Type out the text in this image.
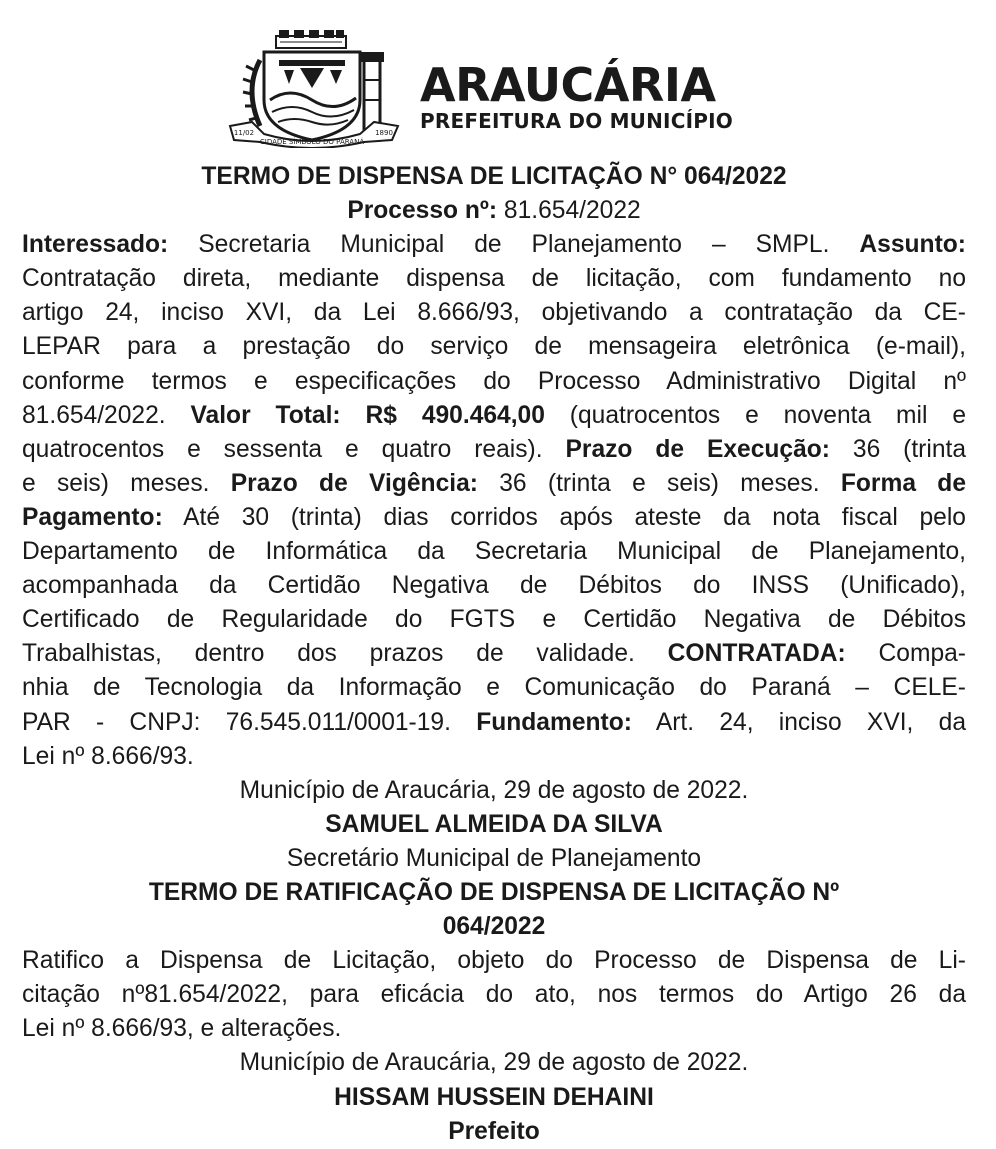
CIDADE SÍMBOLO DO PARANÁ
11/02	1890
ARAUCÁRIA
PREFEITURA DO MUNICÍPIO

TERMO DE DISPENSA DE LICITAÇÃO N° 064/2022

Processo nº: 81.654/2022

Interessado: Secretaria Municipal de Planejamento – SMPL. Assunto:
Contratação direta, mediante dispensa de licitação, com fundamento no
artigo 24, inciso XVI, da Lei 8.666/93, objetivando a contratação da CE-
LEPAR para a prestação do serviço de mensageira eletrônica (e-mail),
conforme termos e especificações do Processo Administrativo Digital nº
81.654/2022. Valor Total: R$ 490.464,00 (quatrocentos e noventa mil e
quatrocentos e sessenta e quatro reais). Prazo de Execução: 36 (trinta
e seis) meses. Prazo de Vigência: 36 (trinta e seis) meses. Forma de
Pagamento: Até 30 (trinta) dias corridos após ateste da nota fiscal pelo
Departamento de Informática da Secretaria Municipal de Planejamento,
acompanhada da Certidão Negativa de Débitos do INSS (Unificado),
Certificado de Regularidade do FGTS e Certidão Negativa de Débitos
Trabalhistas, dentro dos prazos de validade. CONTRATADA: Compa-
nhia de Tecnologia da Informação e Comunicação do Paraná – CELE-
PAR - CNPJ: 76.545.011/0001-19. Fundamento: Art. 24, inciso XVI, da
Lei nº 8.666/93.

Município de Araucária, 29 de agosto de 2022.

SAMUEL ALMEIDA DA SILVA

Secretário Municipal de Planejamento

TERMO DE RATIFICAÇÃO DE DISPENSA DE LICITAÇÃO Nº

064/2022

Ratifico a Dispensa de Licitação, objeto do Processo de Dispensa de Li-
citação nº81.654/2022, para eficácia do ato, nos termos do Artigo 26 da
Lei nº 8.666/93, e alterações.

Município de Araucária, 29 de agosto de 2022.

HISSAM HUSSEIN DEHAINI

Prefeito
